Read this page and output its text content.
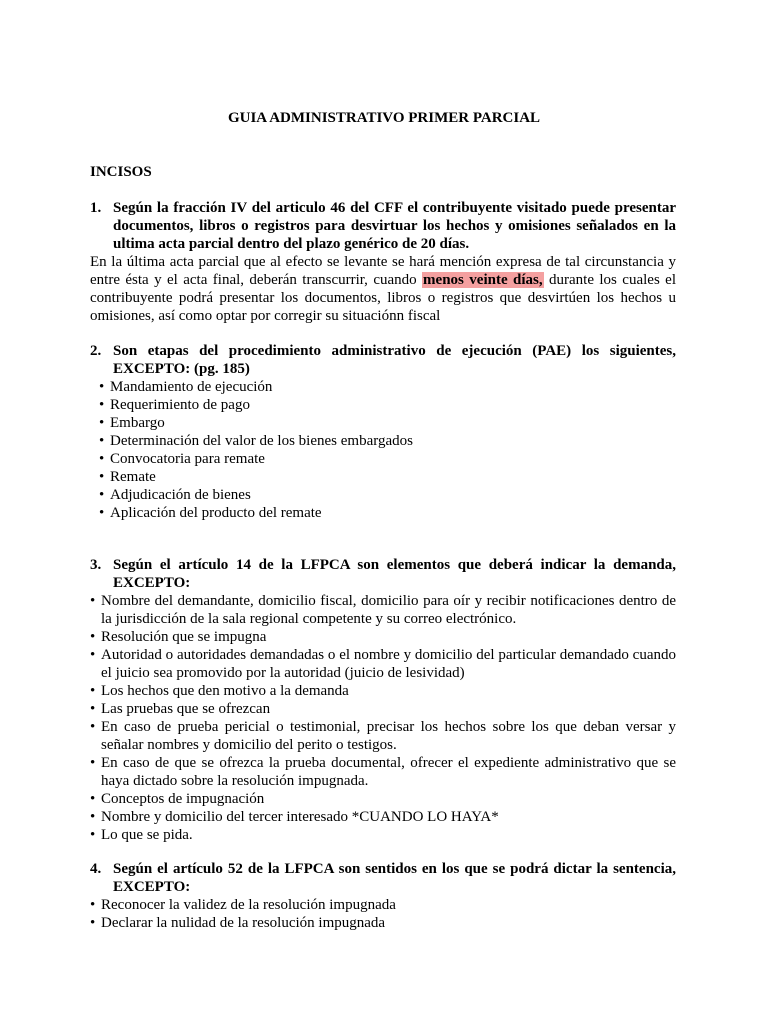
GUIA ADMINISTRATIVO PRIMER PARCIAL
INCISOS
1. Según la fracción IV del articulo 46 del CFF el contribuyente visitado puede presentar documentos, libros o registros para desvirtuar los hechos y omisiones señalados en la ultima acta parcial dentro del plazo genérico de 20 días.
En la última acta parcial que al efecto se levante se hará mención expresa de tal circunstancia y entre ésta y el acta final, deberán transcurrir, cuando menos veinte días, durante los cuales el contribuyente podrá presentar los documentos, libros o registros que desvirtúen los hechos u omisiones, así como optar por corregir su situaciónn fiscal
2. Son etapas del procedimiento administrativo de ejecución (PAE) los siguientes, EXCEPTO: (pg. 185)
• Mandamiento de ejecución
• Requerimiento de pago
• Embargo
• Determinación del valor de los bienes embargados
• Convocatoria para remate
• Remate
• Adjudicación de bienes
• Aplicación del producto del remate
3. Según el artículo 14 de la LFPCA son elementos que deberá indicar la demanda, EXCEPTO:
• Nombre del demandante, domicilio fiscal, domicilio para oír y recibir notificaciones dentro de la jurisdicción de la sala regional competente y su correo electrónico.
• Resolución que se impugna
• Autoridad o autoridades demandadas o el nombre y domicilio del particular demandado cuando el juicio sea promovido por la autoridad (juicio de lesividad)
• Los hechos que den motivo a la demanda
• Las pruebas que se ofrezcan
• En caso de prueba pericial o testimonial, precisar los hechos sobre los que deban versar y señalar nombres y domicilio del perito o testigos.
• En caso de que se ofrezca la prueba documental, ofrecer el expediente administrativo que se haya dictado sobre la resolución impugnada.
• Conceptos de impugnación
• Nombre y domicilio del tercer interesado *CUANDO LO HAYA*
• Lo que se pida.
4. Según el artículo 52 de la LFPCA son sentidos en los que se podrá dictar la sentencia, EXCEPTO:
• Reconocer la validez de la resolución impugnada
• Declarar la nulidad de la resolución impugnada
